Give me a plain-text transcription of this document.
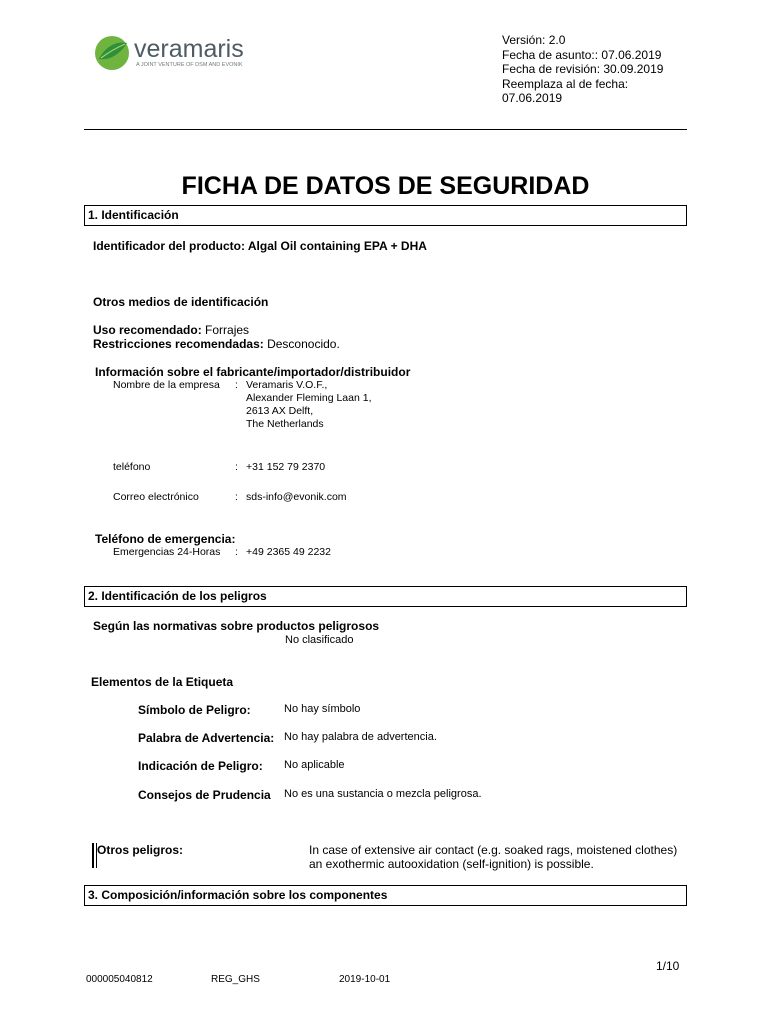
veramaris
A JOINT VENTURE OF DSM AND EVONIK
Versión: 2.0
Fecha de asunto:: 07.06.2019
Fecha de revisión: 30.09.2019
Reemplaza al de fecha:
07.06.2019
FICHA DE DATOS DE SEGURIDAD
1. Identificación
Identificador del producto: Algal Oil containing EPA + DHA
Otros medios de identificación
Uso recomendado: Forrajes
Restricciones recomendadas: Desconocido.
Información sobre el fabricante/importador/distribuidor
Nombre de la empresa : Veramaris V.O.F.,
Alexander Fleming Laan 1,
2613 AX Delft,
The Netherlands
teléfono	: +31 152 79 2370
Correo electrónico	: sds-info@evonik.com
Teléfono de emergencia:
Emergencias 24-Horas : +49 2365 49 2232
2. Identificación de los peligros
Según las normativas sobre productos peligrosos
No clasificado
Elementos de la Etiqueta
Símbolo de Peligro:	No hay símbolo
Palabra de Advertencia: No hay palabra de advertencia.
Indicación de Peligro: No aplicable
Consejos de Prudencia No es una sustancia o mezcla peligrosa.
Otros peligros:	In case of extensive air contact (e.g. soaked rags, moistened clothes)
an exothermic autooxidation (self-ignition) is possible.
3. Composición/información sobre los componentes
1/10
000005040812	REG_GHS	2019-10-01
